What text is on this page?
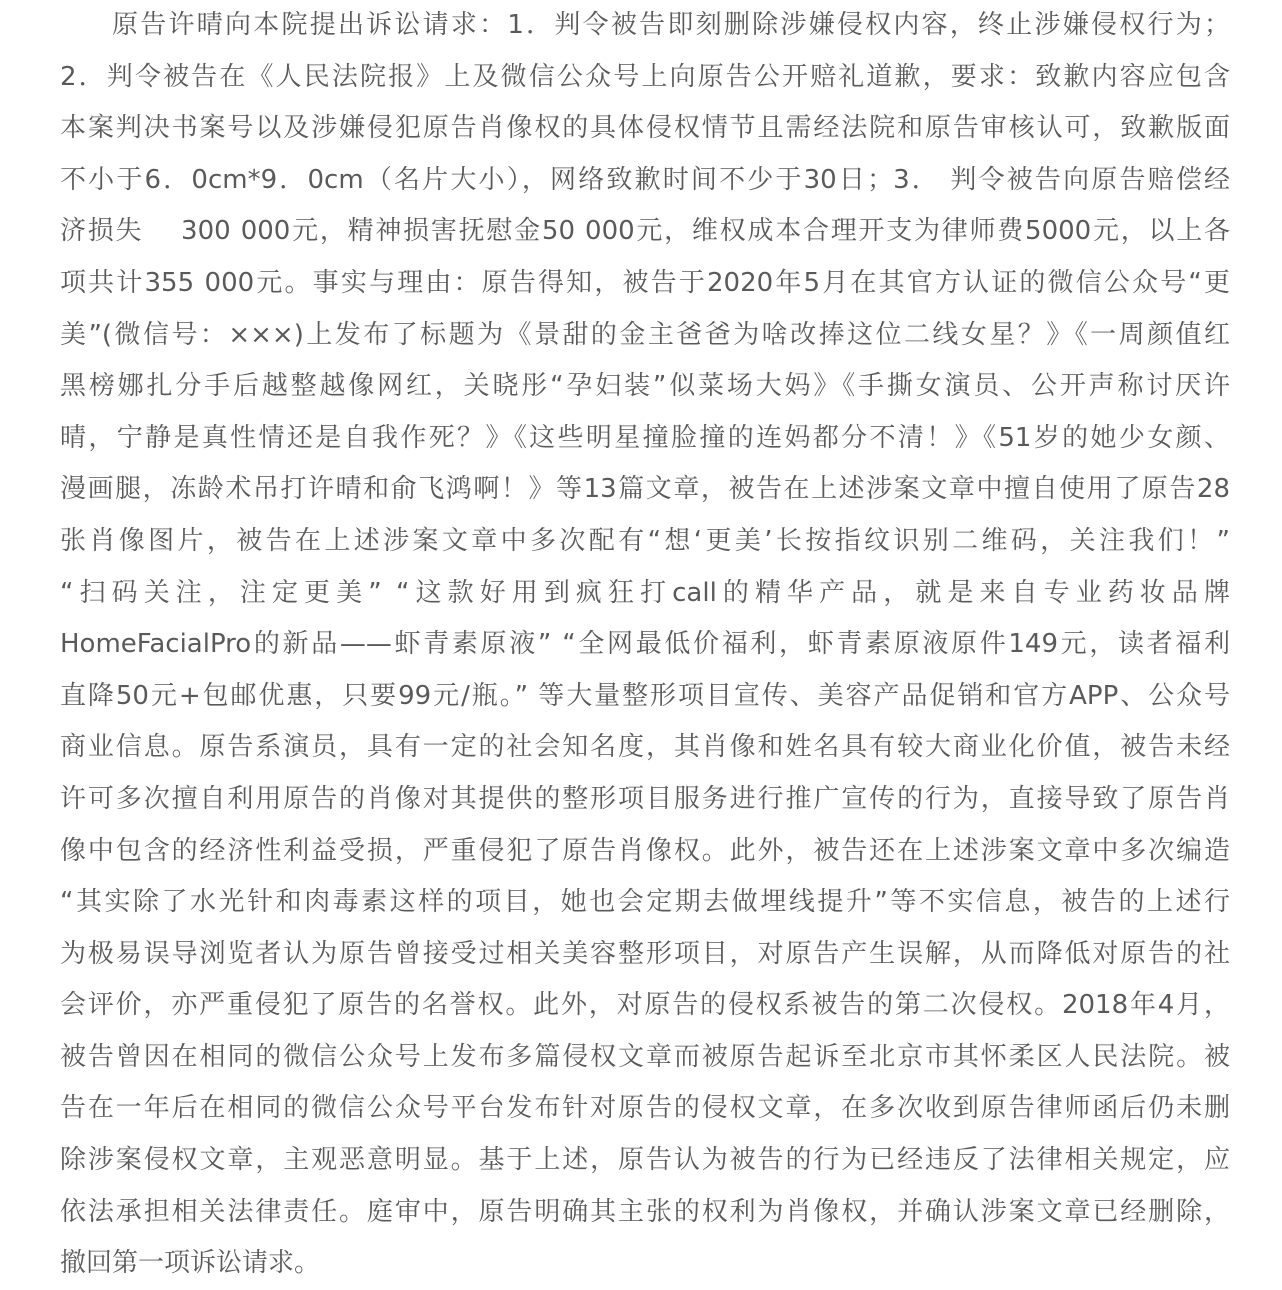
原告许晴向本院提出诉讼请求：1．判令被告即刻删除涉嫌侵权内容，终止涉嫌侵权行为；
2．判令被告在《人民法院报》上及微信公众号上向原告公开赔礼道歉，要求：致歉内容应包含
本案判决书案号以及涉嫌侵犯原告肖像权的具体侵权情节且需经法院和原告审核认可，致歉版面
不小于6．0cm*9．0cm（名片大小），网络致歉时间不少于30日；3． 判令被告向原告赔偿经
济损失　 300 000元，精神损害抚慰金50 000元，维权成本合理开支为律师费5000元，以上各
项共计355 000元。事实与理由：原告得知，被告于2020年5月在其官方认证的微信公众号“更
美”(微信号：×××)上发布了标题为《景甜的金主爸爸为啥改捧这位二线女星？》《一周颜值红
黑榜娜扎分手后越整越像网红，关晓彤“孕妇装”似菜场大妈》《手撕女演员、公开声称讨厌许
晴，宁静是真性情还是自我作死？》《这些明星撞脸撞的连妈都分不清！》《51岁的她少女颜、
漫画腿，冻龄术吊打许晴和俞飞鸿啊！》等13篇文章，被告在上述涉案文章中擅自使用了原告28
张肖像图片，被告在上述涉案文章中多次配有“想‘更美’长按指纹识别二维码，关注我们！”
“扫码关注，注定更美” “这款好用到疯狂打call的精华产品，就是来自专业药妆品牌
HomeFacialPro的新品——虾青素原液” “全网最低价福利，虾青素原液原件149元，读者福利
直降50元+包邮优惠，只要99元/瓶。” 等大量整形项目宣传、美容产品促销和官方APP、公众号
商业信息。原告系演员，具有一定的社会知名度，其肖像和姓名具有较大商业化价值，被告未经
许可多次擅自利用原告的肖像对其提供的整形项目服务进行推广宣传的行为，直接导致了原告肖
像中包含的经济性利益受损，严重侵犯了原告肖像权。此外，被告还在上述涉案文章中多次编造
“其实除了水光针和肉毒素这样的项目，她也会定期去做埋线提升”等不实信息，被告的上述行
为极易误导浏览者认为原告曾接受过相关美容整形项目，对原告产生误解，从而降低对原告的社
会评价，亦严重侵犯了原告的名誉权。此外，对原告的侵权系被告的第二次侵权。2018年4月，
被告曾因在相同的微信公众号上发布多篇侵权文章而被原告起诉至北京市其怀柔区人民法院。被
告在一年后在相同的微信公众号平台发布针对原告的侵权文章，在多次收到原告律师函后仍未删
除涉案侵权文章，主观恶意明显。基于上述，原告认为被告的行为已经违反了法律相关规定，应
依法承担相关法律责任。庭审中，原告明确其主张的权利为肖像权，并确认涉案文章已经删除，
撤回第一项诉讼请求。
